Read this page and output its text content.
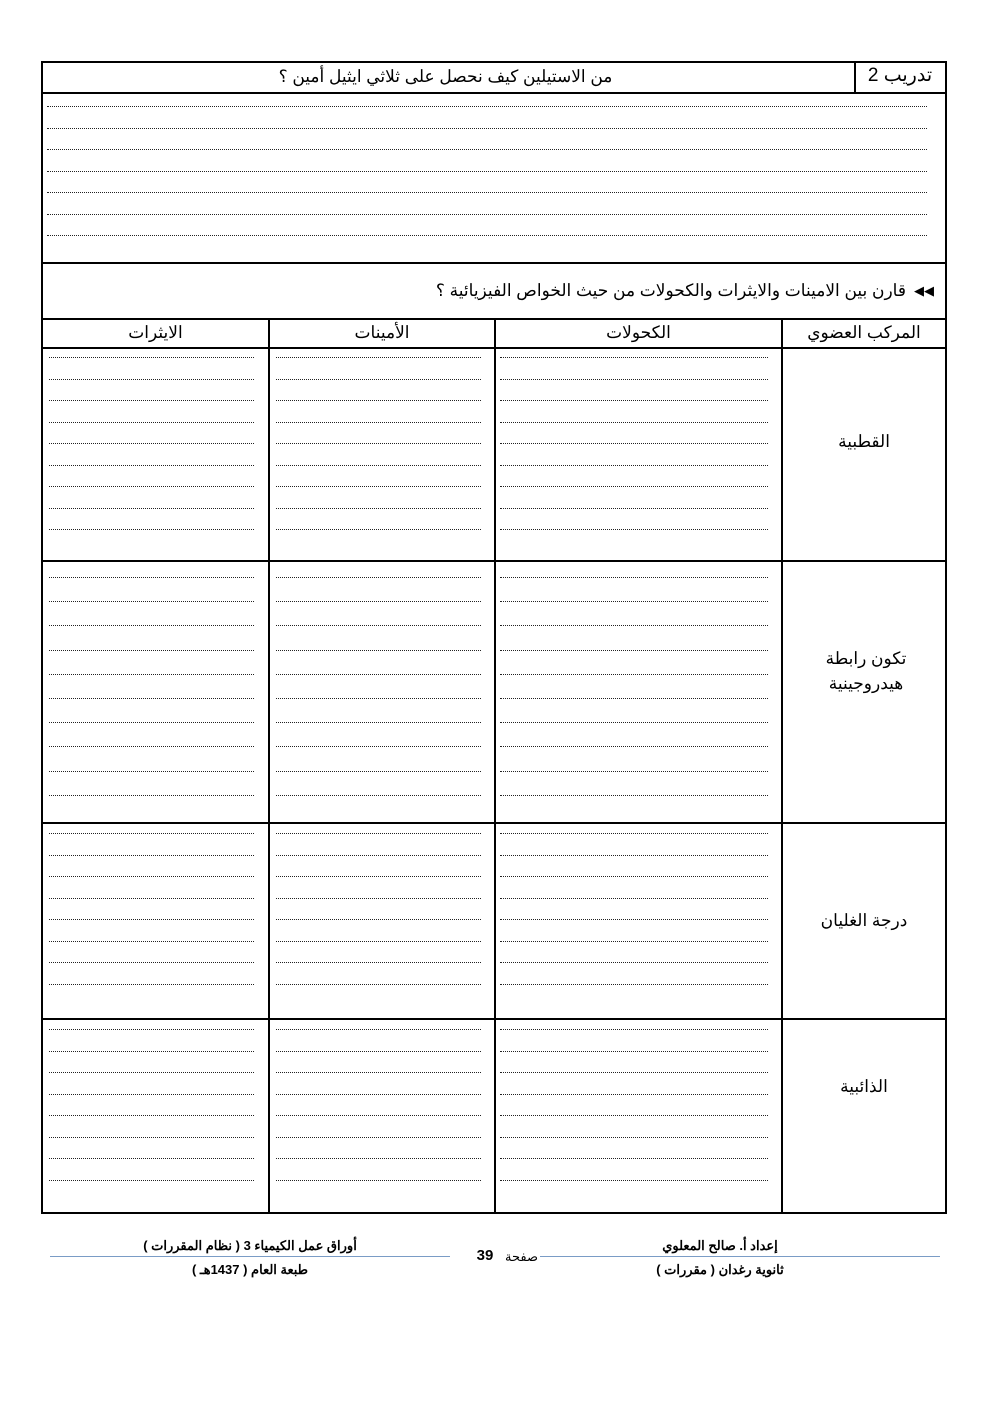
تدريب 2
من الاستيلين كيف نحصل على ثلاثي ايثيل أمين ؟
قارن بين الامينات والايثرات والكحولات من حيث الخواص الفيزيائية ؟ ◀◀
المركب العضوي
الكحولات
الأمينات
الايثرات
القطبية
تكون رابطة هيدروجينية
درجة الغليان
الذائبية
أوراق عمل الكيمياء 3 ( نظام المقررات )
طبعة العام ( 1437هـ )
صفحة
39
إعداد أ. صالح المعلوي
ثانوية رغدان ( مقررات )
